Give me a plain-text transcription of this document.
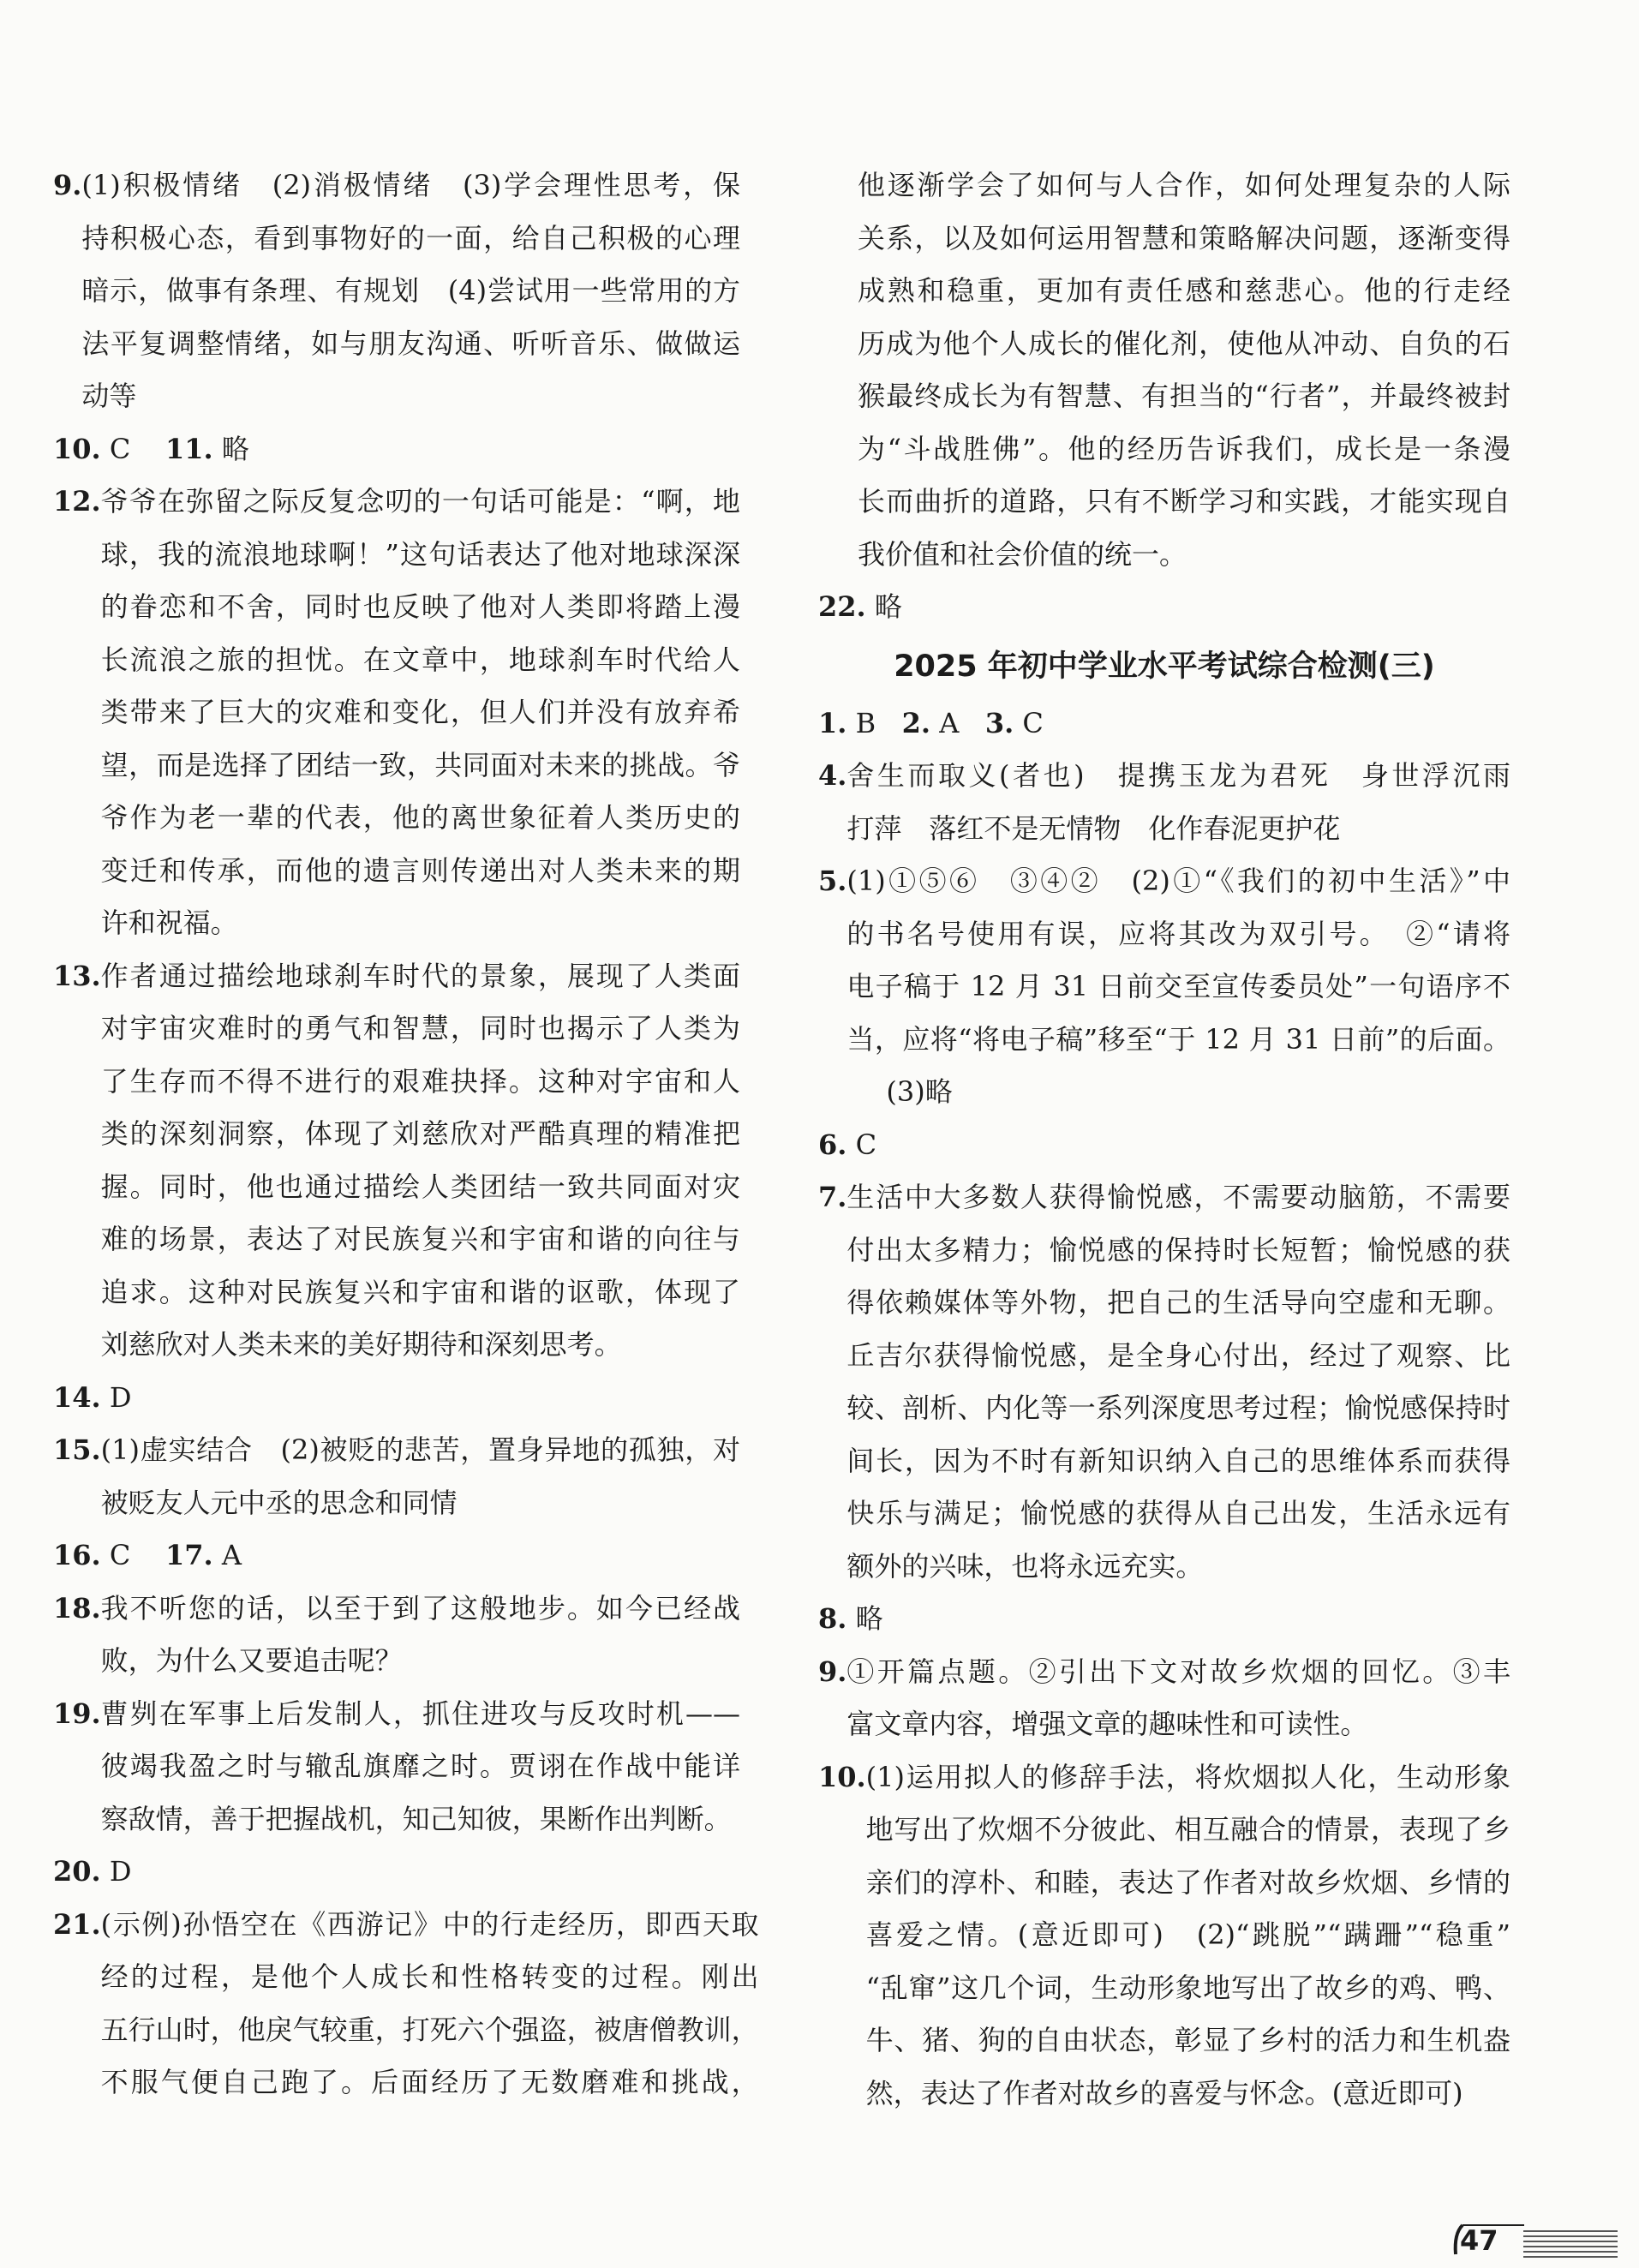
9. (1)积极情绪　(2)消极情绪　(3)学会理性思考，保
持积极心态，看到事物好的一面，给自己积极的心理
暗示，做事有条理、有规划　(4)尝试用一些常用的方
法平复调整情绪，如与朋友沟通、听听音乐、做做运
动等
10. C	11. 略
12. 爷爷在弥留之际反复念叨的一句话可能是：“啊，地
球，我的流浪地球啊！”这句话表达了他对地球深深
的眷恋和不舍，同时也反映了他对人类即将踏上漫
长流浪之旅的担忧。在文章中，地球刹车时代给人
类带来了巨大的灾难和变化，但人们并没有放弃希
望，而是选择了团结一致，共同面对未来的挑战。爷
爷作为老一辈的代表，他的离世象征着人类历史的
变迁和传承，而他的遗言则传递出对人类未来的期
许和祝福。
13. 作者通过描绘地球刹车时代的景象，展现了人类面
对宇宙灾难时的勇气和智慧，同时也揭示了人类为
了生存而不得不进行的艰难抉择。这种对宇宙和人
类的深刻洞察，体现了刘慈欣对严酷真理的精准把
握。同时，他也通过描绘人类团结一致共同面对灾
难的场景，表达了对民族复兴和宇宙和谐的向往与
追求。这种对民族复兴和宇宙和谐的讴歌，体现了
刘慈欣对人类未来的美好期待和深刻思考。
14. D
15. (1)虚实结合　(2)被贬的悲苦，置身异地的孤独，对
被贬友人元中丞的思念和同情
16. C	17. A
18. 我不听您的话，以至于到了这般地步。如今已经战
败，为什么又要追击呢？
19. 曹刿在军事上后发制人，抓住进攻与反攻时机——
彼竭我盈之时与辙乱旗靡之时。贾诩在作战中能详
察敌情，善于把握战机，知己知彼，果断作出判断。
20. D
21. (示例)孙悟空在《西游记》中的行走经历，即西天取
经的过程，是他个人成长和性格转变的过程。刚出
五行山时，他戾气较重，打死六个强盗，被唐僧教训，
不服气便自己跑了。后面经历了无数磨难和挑战，
他逐渐学会了如何与人合作，如何处理复杂的人际
关系，以及如何运用智慧和策略解决问题，逐渐变得
成熟和稳重，更加有责任感和慈悲心。他的行走经
历成为他个人成长的催化剂，使他从冲动、自负的石
猴最终成长为有智慧、有担当的“行者”，并最终被封
为“斗战胜佛”。他的经历告诉我们，成长是一条漫
长而曲折的道路，只有不断学习和实践，才能实现自
我价值和社会价值的统一。
22. 略
2025 年初中学业水平考试综合检测(三)
1. B 2. A 3. C
4. 舍生而取义(者也)　提携玉龙为君死　身世浮沉雨
打萍　落红不是无情物　化作春泥更护花
5. (1)①⑤⑥　③④②　(2)①“《我们的初中生活》”中
的书名号使用有误，应将其改为双引号。　②“请将
电子稿于 12 月 31 日前交至宣传委员处”一句语序不
当，应将“将电子稿”移至“于 12 月 31 日前”的后面。
(3)略
6. C
7. 生活中大多数人获得愉悦感，不需要动脑筋，不需要
付出太多精力；愉悦感的保持时长短暂；愉悦感的获
得依赖媒体等外物，把自己的生活导向空虚和无聊。
丘吉尔获得愉悦感，是全身心付出，经过了观察、比
较、剖析、内化等一系列深度思考过程；愉悦感保持时
间长，因为不时有新知识纳入自己的思维体系而获得
快乐与满足；愉悦感的获得从自己出发，生活永远有
额外的兴味，也将永远充实。
8. 略
9. ①开篇点题。②引出下文对故乡炊烟的回忆。③丰
富文章内容，增强文章的趣味性和可读性。
10. (1)运用拟人的修辞手法，将炊烟拟人化，生动形象
地写出了炊烟不分彼此、相互融合的情景，表现了乡
亲们的淳朴、和睦，表达了作者对故乡炊烟、乡情的
喜爱之情。(意近即可)　(2)“跳脱”“蹒跚”“稳重”
“乱窜”这几个词，生动形象地写出了故乡的鸡、鸭、
牛、猪、狗的自由状态，彰显了乡村的活力和生机盎
然，表达了作者对故乡的喜爱与怀念。(意近即可)
47
